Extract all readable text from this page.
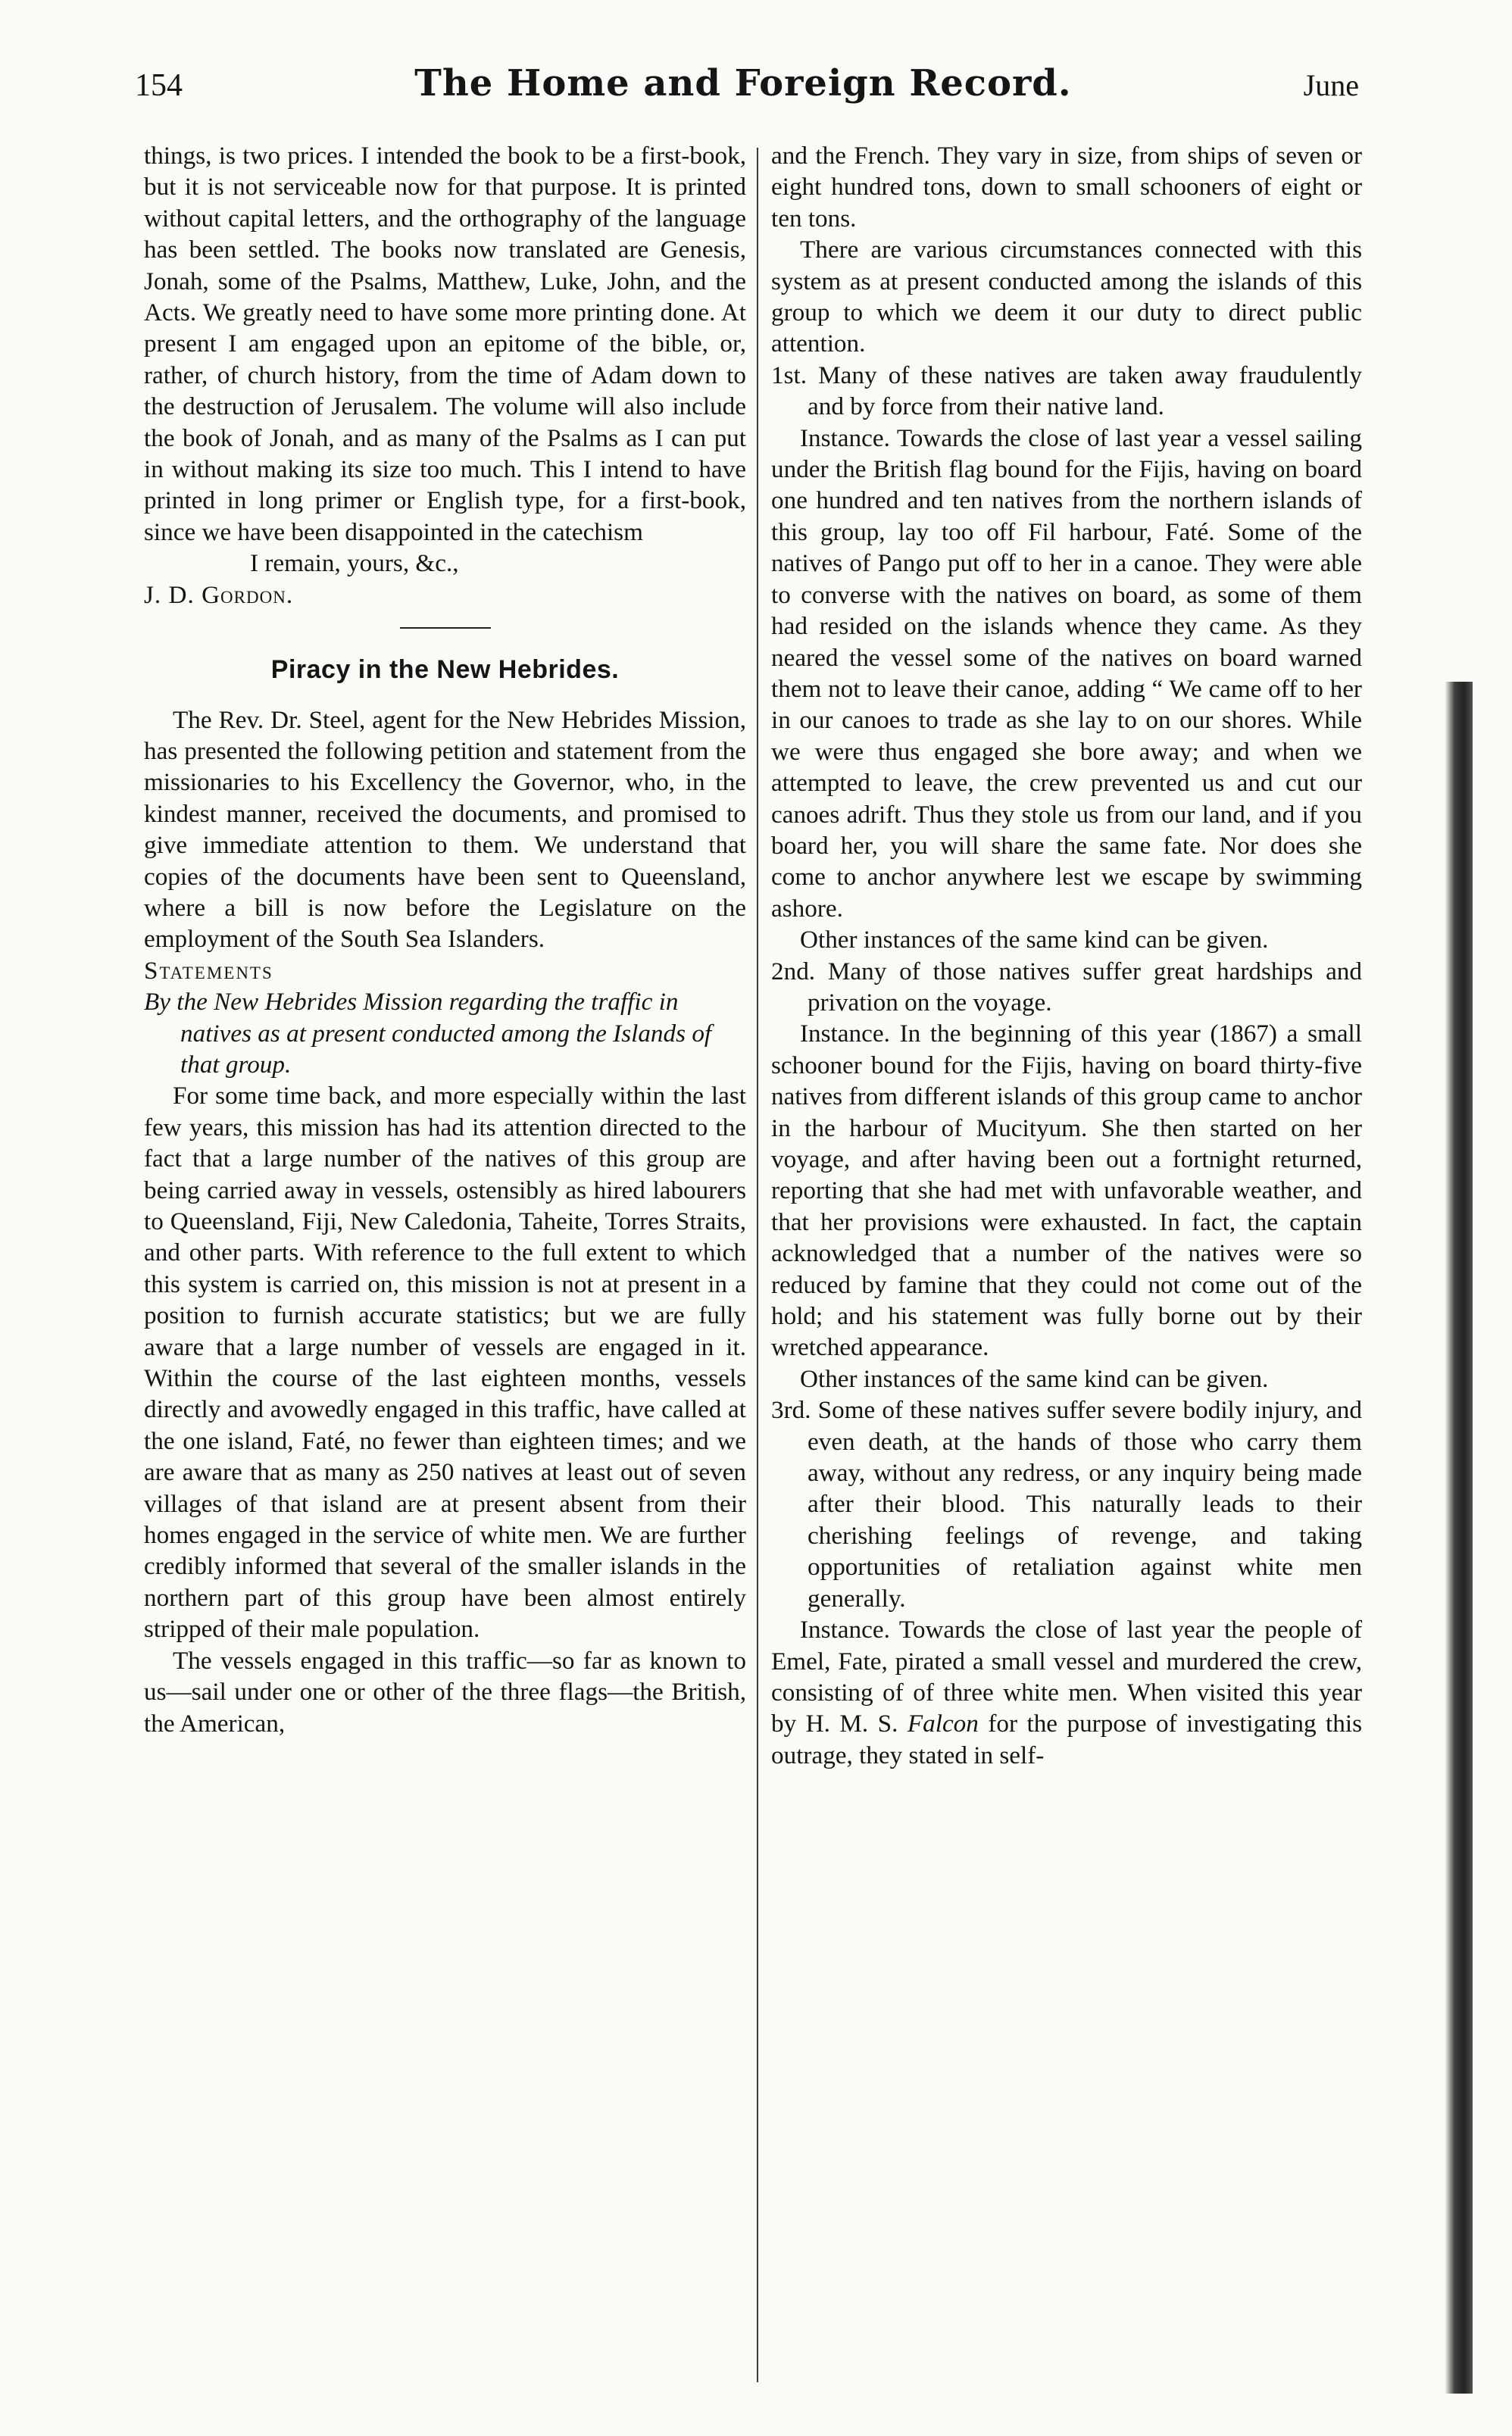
154	The Home and Foreign Record.	June

things, is two prices. I intended the book to be a first-book, but it is not serviceable now for that purpose. It is printed without capital letters, and the orthography of the language has been settled. The books now translated are Genesis, Jonah, some of the Psalms, Matthew, Luke, John, and the Acts. We greatly need to have some more printing done. At present I am engaged upon an epitome of the bible, or, rather, of church history, from the time of Adam down to the destruction of Jerusalem. The volume will also include the book of Jonah, and as many of the Psalms as I can put in without making its size too much. This I intend to have printed in long primer or English type, for a first-book, since we have been disappointed in the catechism

I remain, yours, &c.,

J. D. Gordon.

Piracy in the New Hebrides.

The Rev. Dr. Steel, agent for the New Hebrides Mission, has presented the following petition and statement from the missionaries to his Excellency the Governor, who, in the kindest manner, received the documents, and promised to give immediate attention to them. We understand that copies of the documents have been sent to Queensland, where a bill is now before the Legislature on the employment of the South Sea Islanders.

Statements

By the New Hebrides Mission regarding the traffic in natives as at present conducted among the Islands of that group.

For some time back, and more especially within the last few years, this mission has had its attention directed to the fact that a large number of the natives of this group are being carried away in vessels, ostensibly as hired labourers to Queensland, Fiji, New Caledonia, Taheite, Torres Straits, and other parts. With reference to the full extent to which this system is carried on, this mission is not at present in a position to furnish accurate statistics; but we are fully aware that a large number of vessels are engaged in it. Within the course of the last eighteen months, vessels directly and avowedly engaged in this traffic, have called at the one island, Faté, no fewer than eighteen times; and we are aware that as many as 250 natives at least out of seven villages of that island are at present absent from their homes engaged in the service of white men. We are further credibly informed that several of the smaller islands in the northern part of this group have been almost entirely stripped of their male population.

The vessels engaged in this traffic—so far as known to us—sail under one or other of the three flags—the British, the American,

and the French. They vary in size, from ships of seven or eight hundred tons, down to small schooners of eight or ten tons.

There are various circumstances connected with this system as at present conducted among the islands of this group to which we deem it our duty to direct public attention.

1st. Many of these natives are taken away fraudulently and by force from their native land.

Instance. Towards the close of last year a vessel sailing under the British flag bound for the Fijis, having on board one hundred and ten natives from the northern islands of this group, lay too off Fil harbour, Faté. Some of the natives of Pango put off to her in a canoe. They were able to converse with the natives on board, as some of them had resided on the islands whence they came. As they neared the vessel some of the natives on board warned them not to leave their canoe, adding “ We came off to her in our canoes to trade as she lay to on our shores. While we were thus engaged she bore away; and when we attempted to leave, the crew prevented us and cut our canoes adrift. Thus they stole us from our land, and if you board her, you will share the same fate. Nor does she come to anchor anywhere lest we escape by swimming ashore.

Other instances of the same kind can be given.

2nd. Many of those natives suffer great hardships and privation on the voyage.

Instance. In the beginning of this year (1867) a small schooner bound for the Fijis, having on board thirty-five natives from different islands of this group came to anchor in the harbour of Mucityum. She then started on her voyage, and after having been out a fortnight returned, reporting that she had met with unfavorable weather, and that her provisions were exhausted. In fact, the captain acknowledged that a number of the natives were so reduced by famine that they could not come out of the hold; and his statement was fully borne out by their wretched appearance.

Other instances of the same kind can be given.

3rd. Some of these natives suffer severe bodily injury, and even death, at the hands of those who carry them away, without any redress, or any inquiry being made after their blood. This naturally leads to their cherishing feelings of revenge, and taking opportunities of retaliation against white men generally.

Instance. Towards the close of last year the people of Emel, Fate, pirated a small vessel and murdered the crew, consisting of of three white men. When visited this year by H. M. S. Falcon for the purpose of investigating this outrage, they stated in self-
